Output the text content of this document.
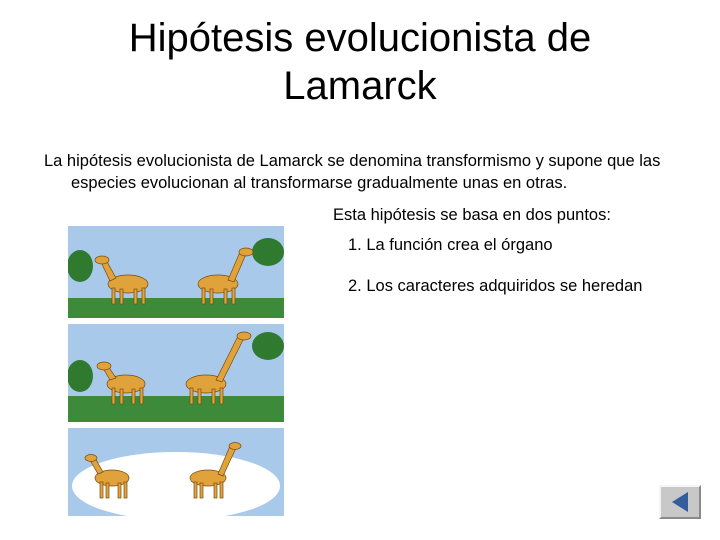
Hipótesis evolucionista de
Lamarck
La hipótesis evolucionista de Lamarck se denomina transformismo y supone que las especies evolucionan al transformarse gradualmente unas en otras.
Esta hipótesis se basa en dos puntos:
1. La función crea el órgano
2. Los caracteres adquiridos se heredan
